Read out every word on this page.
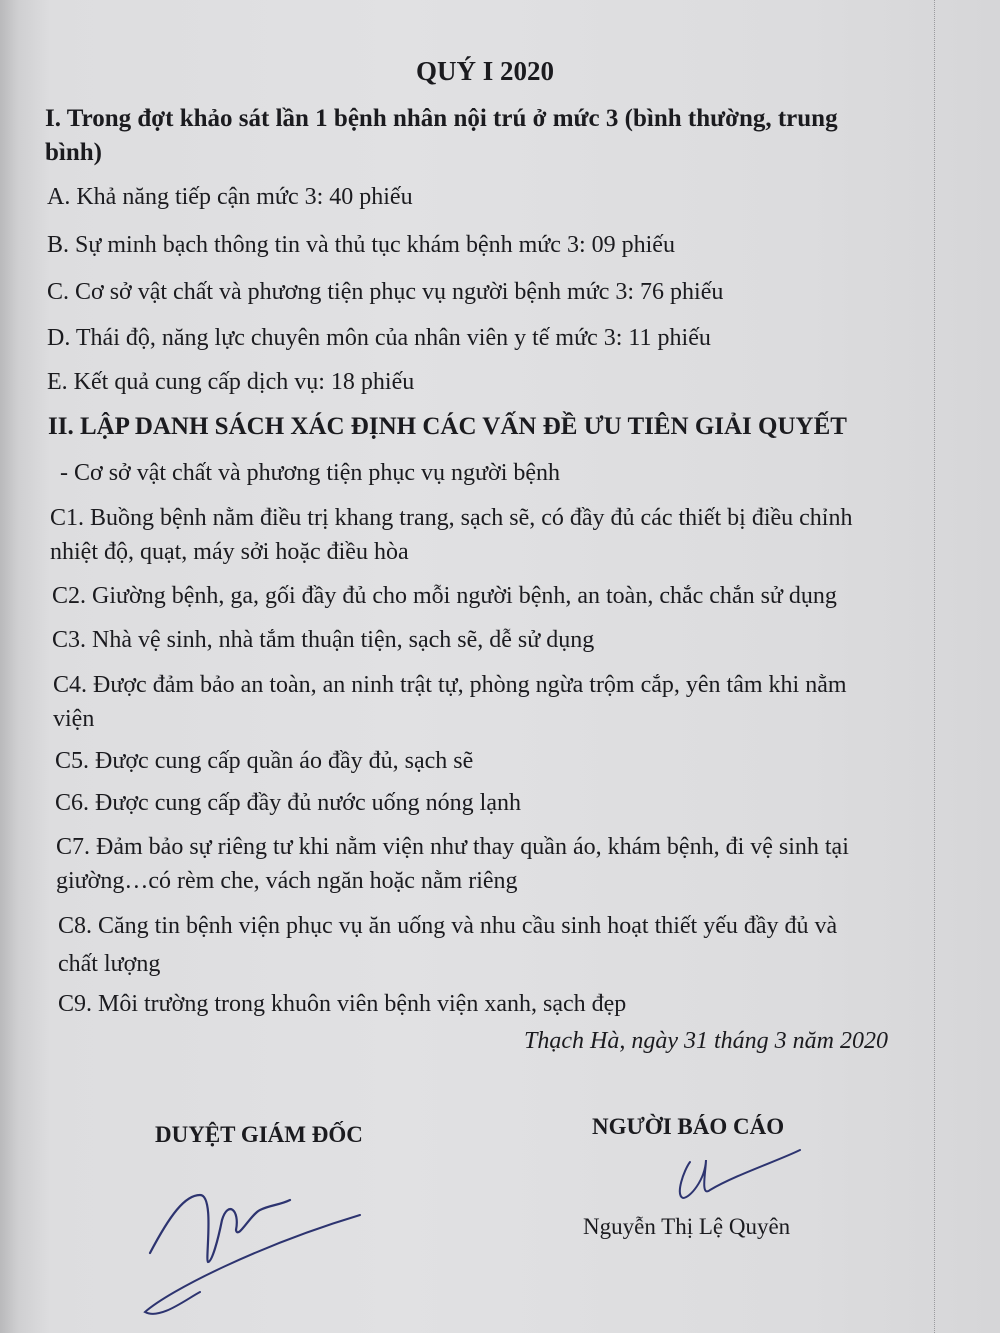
QUÝ I 2020
I. Trong đợt khảo sát lần 1 bệnh nhân nội trú ở mức 3 (bình thường, trung
bình)
A. Khả năng tiếp cận mức 3: 40 phiếu
B. Sự minh bạch thông tin và thủ tục khám bệnh mức 3: 09 phiếu
C. Cơ sở vật chất và phương tiện phục vụ người bệnh mức 3: 76 phiếu
D. Thái độ, năng lực chuyên môn của nhân viên y tế mức 3: 11 phiếu
E. Kết quả cung cấp dịch vụ: 18 phiếu
II. LẬP DANH SÁCH XÁC ĐỊNH CÁC VẤN ĐỀ ƯU TIÊN GIẢI QUYẾT
- Cơ sở vật chất và phương tiện phục vụ người bệnh
C1. Buồng bệnh nằm điều trị khang trang, sạch sẽ, có đầy đủ các thiết bị điều chỉnh
nhiệt độ, quạt, máy sởi hoặc điều hòa
C2. Giường bệnh, ga, gối đầy đủ cho mỗi người bệnh, an toàn, chắc chắn sử dụng
C3. Nhà vệ sinh, nhà tắm thuận tiện, sạch sẽ, dễ sử dụng
C4. Được đảm bảo an toàn, an ninh trật tự, phòng ngừa trộm cắp, yên tâm khi nằm
viện
C5. Được cung cấp quần áo đầy đủ, sạch sẽ
C6. Được cung cấp đầy đủ nước uống nóng lạnh
C7. Đảm bảo sự riêng tư khi nằm viện như thay quần áo, khám bệnh, đi vệ sinh tại
giường…có rèm che, vách ngăn hoặc nằm riêng
C8. Căng tin bệnh viện phục vụ ăn uống và nhu cầu sinh hoạt thiết yếu đầy đủ và
chất lượng
C9. Môi trường trong khuôn viên bệnh viện xanh, sạch đẹp
Thạch Hà, ngày 31 tháng 3 năm 2020
DUYỆT GIÁM ĐỐC	NGƯỜI BÁO CÁO
Nguyễn Thị Lệ Quyên
